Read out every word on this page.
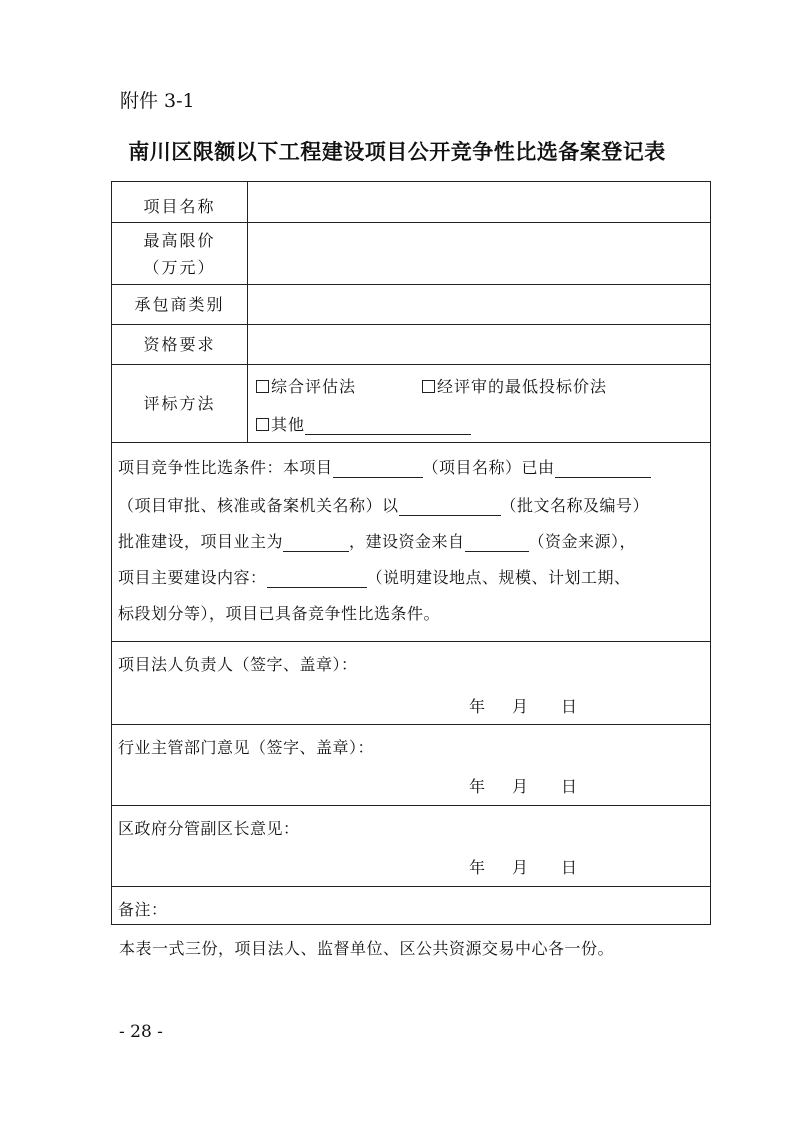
附件 3-1
南川区限额以下工程建设项目公开竞争性比选备案登记表
项目名称
最高限价
（万元）
承包商类别
资格要求
评标方法
综合评估法	经评审的最低投标价法
其他
项目竞争性比选条件：本项目	（项目名称）已由
（项目审批、核准或备案机关名称）以	（批文名称及编号）
批准建设，项目业主为	，建设资金来自	（资金来源），
项目主要建设内容：	（说明建设地点、规模、计划工期、
标段划分等），项目已具备竞争性比选条件。
项目法人负责人（签字、盖章）：
年 月 日
行业主管部门意见（签字、盖章）：
年 月 日
区政府分管副区长意见：
年 月 日
备注：
本表一式三份，项目法人、监督单位、区公共资源交易中心各一份。
- 28 -
